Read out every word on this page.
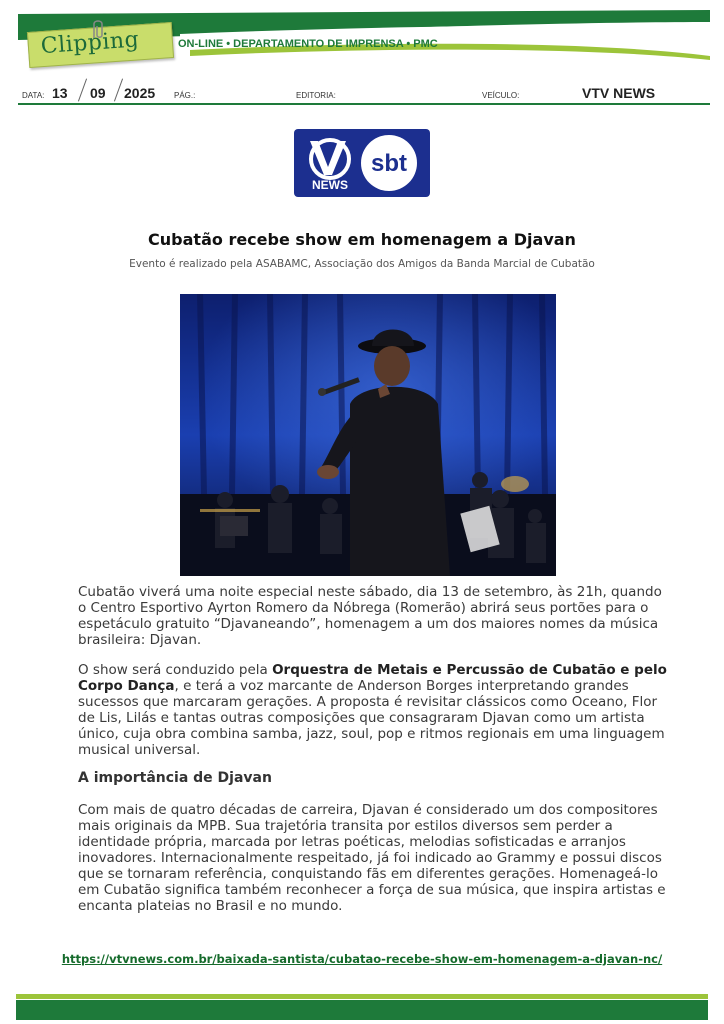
Clipping	ON-LINE • DEPARTAMENTO DE IMPRENSA • PMC
DATA: 13 09 2025 PÁG.:	EDITORIA:	VEÍCULO:	VTV NEWS
NEWS
sbt
Cubatão recebe show em homenagem a Djavan
Evento é realizado pela ASABAMC, Associação dos Amigos da Banda Marcial de Cubatão
Cubatão viverá uma noite especial neste sábado, dia 13 de setembro, às 21h, quando o Centro Esportivo Ayrton Romero da Nóbrega (Romerão) abrirá seus portões para o espetáculo gratuito “Djavaneando”, homenagem a um dos maiores nomes da música brasileira: Djavan.
O show será conduzido pela Orquestra de Metais e Percussão de Cubatão e pelo Corpo Dança, e terá a voz marcante de Anderson Borges interpretando grandes sucessos que marcaram gerações. A proposta é revisitar clássicos como Oceano, Flor de Lis, Lilás e tantas outras composições que consagraram Djavan como um artista único, cuja obra combina samba, jazz, soul, pop e ritmos regionais em uma linguagem musical universal.
A importância de Djavan
Com mais de quatro décadas de carreira, Djavan é considerado um dos compositores mais originais da MPB. Sua trajetória transita por estilos diversos sem perder a identidade própria, marcada por letras poéticas, melodias sofisticadas e arranjos inovadores. Internacionalmente respeitado, já foi indicado ao Grammy e possui discos que se tornaram referência, conquistando fãs em diferentes gerações. Homenageá-lo em Cubatão significa também reconhecer a força de sua música, que inspira artistas e encanta plateias no Brasil e no mundo.
https://vtvnews.com.br/baixada-santista/cubatao-recebe-show-em-homenagem-a-djavan-nc/
